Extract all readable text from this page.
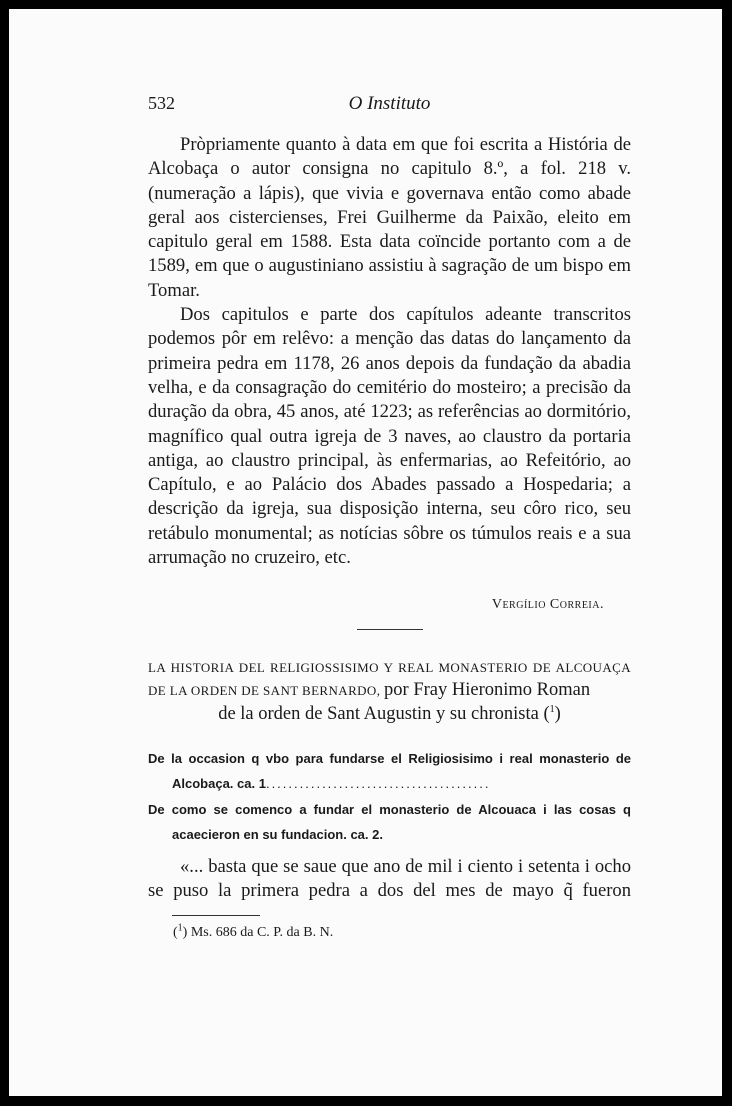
532	O Instituto

Pròpriamente quanto à data em que foi escrita a História de Alcobaça o autor consigna no capitulo 8.º, a fol. 218 v. (numeração a lápis), que vivia e governava então como abade geral aos cistercienses, Frei Guilherme da Paixão, eleito em capitulo geral em 1588. Esta data coïncide portanto com a de 1589, em que o augustiniano assistiu à sagração de um bispo em Tomar.

Dos capitulos e parte dos capítulos adeante transcritos podemos pôr em relêvo: a menção das datas do lançamento da primeira pedra em 1178, 26 anos depois da fundação da abadia velha, e da consagração do cemitério do mosteiro; a precisão da duração da obra, 45 anos, até 1223; as referências ao dormitório, magnífico qual outra igreja de 3 naves, ao claustro da portaria antiga, ao claustro principal, às enfermarias, ao Refeitório, ao Capítulo, e ao Palácio dos Abades passado a Hospedaria; a descrição da igreja, sua disposição interna, seu côro rico, seu retábulo monumental; as notícias sôbre os túmulos reais e a sua arrumação no cruzeiro, etc.

Vergílio Correia.
LA HISTORIA DEL RELIGIOSSISIMO Y REAL MONASTERIO DE ALCOUAÇA DE LA ORDEN DE SANT BERNARDO, por Fray Hieronimo Roman
de la orden de Sant Augustin y su chronista ($^1$)
De la occasion q vbo para fundarse el Religiosisimo i real monasterio de Alcobaça. ca. 1........................................
De como se comenco a fundar el monasterio de Alcouaca i las cosas q acaecieron en su fundacion. ca. 2.

«... basta que se saue que ano de mil i ciento i setenta i ocho se puso la primera pedra a dos del mes de mayo q̃ fueron

($^1$) Ms. 686 da C. P. da B. N.
